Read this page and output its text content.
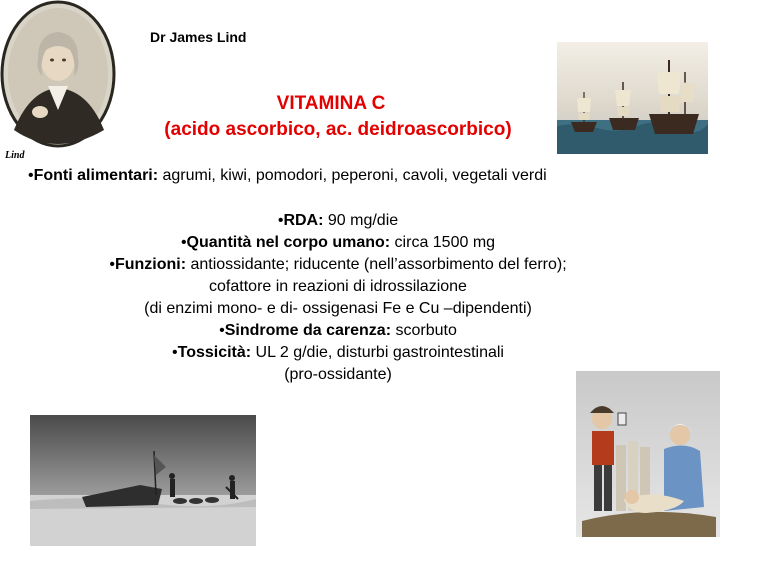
Lind
Dr James Lind
VITAMINA C
(acido ascorbico, ac. deidroascorbico)
•Fonti alimentari: agrumi, kiwi, pomodori, peperoni, cavoli, vegetali verdi
•RDA: 90 mg/die
•Quantità nel corpo umano: circa 1500 mg
•Funzioni: antiossidante; riducente (nell’assorbimento del ferro);
cofattore in reazioni di idrossilazione
(di enzimi mono- e di- ossigenasi Fe e Cu –dipendenti)
•Sindrome da carenza: scorbuto
•Tossicità: UL 2 g/die, disturbi gastrointestinali
(pro-ossidante)
